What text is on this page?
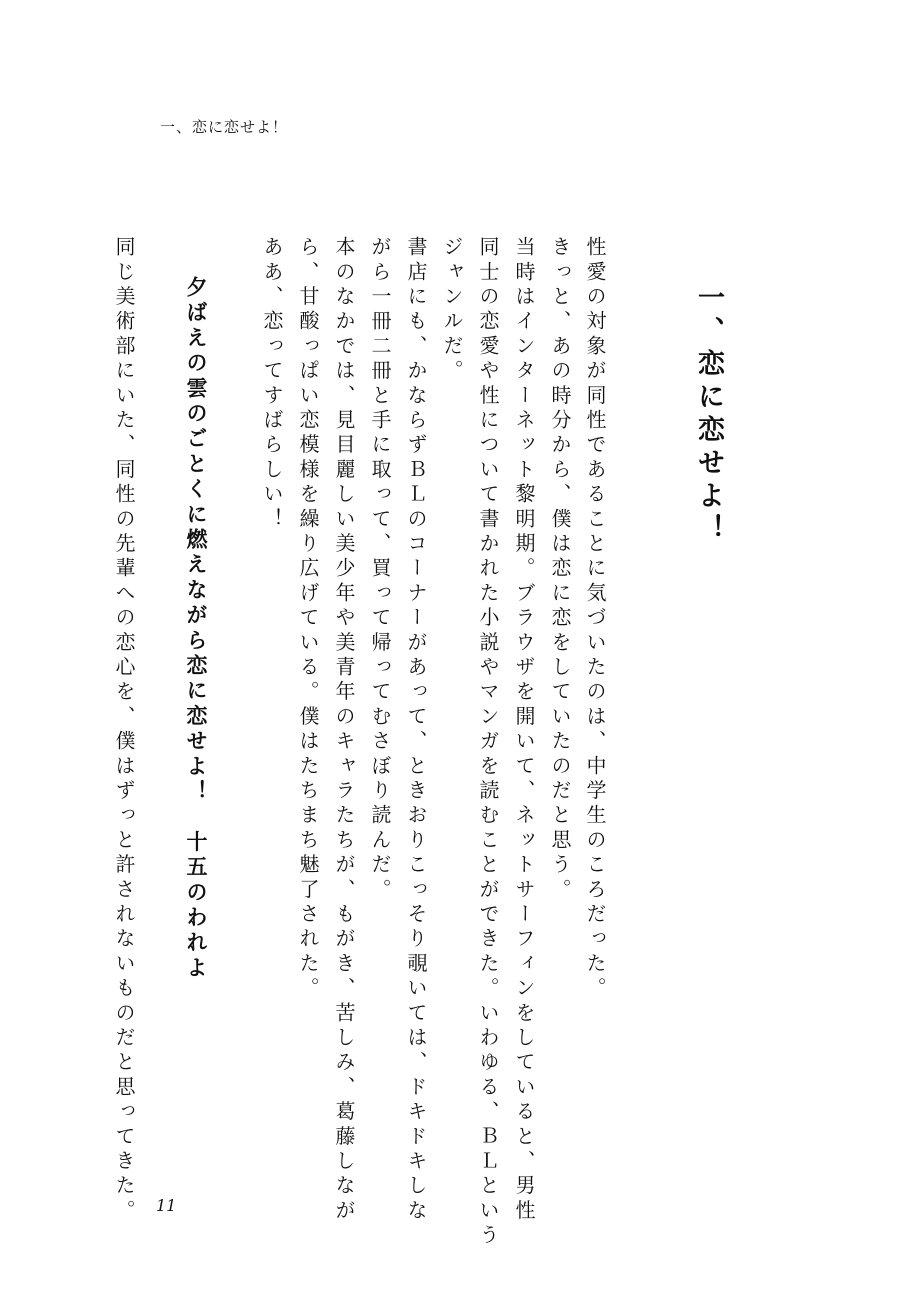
一、恋に恋せよ！
一、恋に恋せよ！
性愛の対象が同性であることに気づいたのは、中学生のころだった。
きっと、あの時分から、僕は恋に恋をしていたのだと思う。
当時はインターネット黎明期。ブラウザを開いて、ネットサーフィンをしていると、男性
同士の恋愛や性について書かれた小説やマンガを読むことができた。いわゆる、ＢＬという
ジャンルだ。
書店にも、かならずＢＬのコーナーがあって、ときおりこっそり覗いては、ドキドキしな
がら一冊二冊と手に取って、買って帰ってむさぼり読んだ。
本のなかでは、見目麗しい美少年や美青年のキャラたちが、もがき、苦しみ、葛藤しなが
ら、甘酸っぱい恋模様を繰り広げている。僕はたちまち魅了された。
ああ、恋ってすばらしい！
夕ばえの雲のごとくに燃えながら恋に恋せよ！　十五のわれよ
同じ美術部にいた、同性の先輩への恋心を、僕はずっと許されないものだと思ってきた。 11
